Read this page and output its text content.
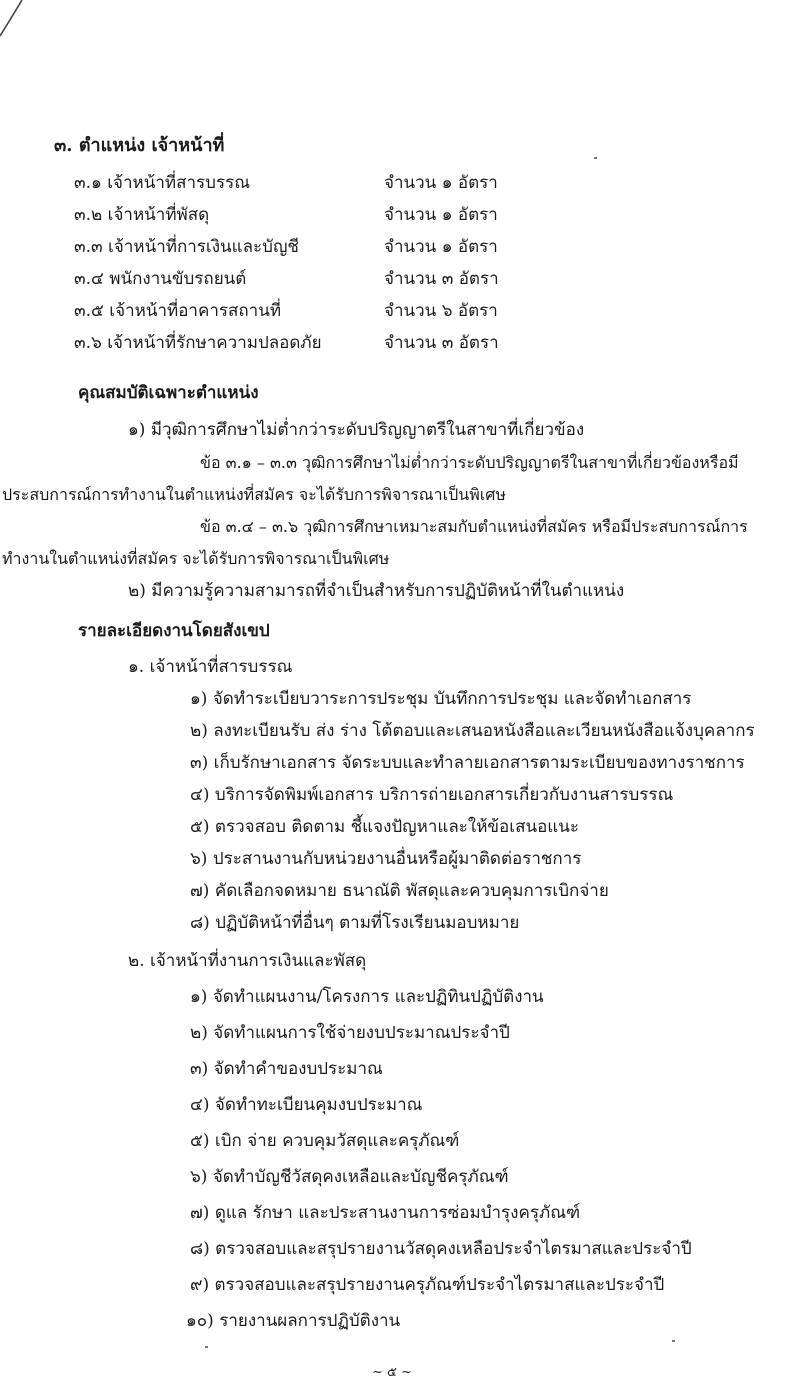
๓. ตำแหน่ง เจ้าหน้าที่
๓.๑ เจ้าหน้าที่สารบรรณ	จำนวน ๑ อัตรา
๓.๒ เจ้าหน้าที่พัสดุ	จำนวน ๑ อัตรา
๓.๓ เจ้าหน้าที่การเงินและบัญชี	จำนวน ๑ อัตรา
๓.๔ พนักงานขับรถยนต์	จำนวน ๓ อัตรา
๓.๕ เจ้าหน้าที่อาคารสถานที่	จำนวน ๖ อัตรา
๓.๖ เจ้าหน้าที่รักษาความปลอดภัย	จำนวน ๓ อัตรา
คุณสมบัติเฉพาะตำแหน่ง
๑) มีวุฒิการศึกษาไม่ต่ำกว่าระดับปริญญาตรีในสาขาที่เกี่ยวข้อง
ข้อ ๓.๑ – ๓.๓ วุฒิการศึกษาไม่ต่ำกว่าระดับปริญญาตรีในสาขาที่เกี่ยวข้องหรือมี
ประสบการณ์การทำงานในตำแหน่งที่สมัคร จะได้รับการพิจารณาเป็นพิเศษ
ข้อ ๓.๔ – ๓.๖ วุฒิการศึกษาเหมาะสมกับตำแหน่งที่สมัคร หรือมีประสบการณ์การ
ทำงานในตำแหน่งที่สมัคร จะได้รับการพิจารณาเป็นพิเศษ
๒) มีความรู้ความสามารถที่จำเป็นสำหรับการปฏิบัติหน้าที่ในตำแหน่ง
รายละเอียดงานโดยสังเขป
๑. เจ้าหน้าที่สารบรรณ
๑) จัดทำระเบียบวาระการประชุม บันทึกการประชุม และจัดทำเอกสาร
๒) ลงทะเบียนรับ ส่ง ร่าง โต้ตอบและเสนอหนังสือและเวียนหนังสือแจ้งบุคลากร
๓) เก็บรักษาเอกสาร จัดระบบและทำลายเอกสารตามระเบียบของทางราชการ
๔) บริการจัดพิมพ์เอกสาร บริการถ่ายเอกสารเกี่ยวกับงานสารบรรณ
๕) ตรวจสอบ ติดตาม ชี้แจงปัญหาและให้ข้อเสนอแนะ
๖) ประสานงานกับหน่วยงานอื่นหรือผู้มาติดต่อราชการ
๗) คัดเลือกจดหมาย ธนาณัติ พัสดุและควบคุมการเบิกจ่าย
๘) ปฏิบัติหน้าที่อื่นๆ ตามที่โรงเรียนมอบหมาย
๒. เจ้าหน้าที่งานการเงินและพัสดุ
๑) จัดทำแผนงาน/โครงการ และปฏิทินปฏิบัติงาน
๒) จัดทำแผนการใช้จ่ายงบประมาณประจำปี
๓) จัดทำคำของบประมาณ
๔) จัดทำทะเบียนคุมงบประมาณ
๕) เบิก จ่าย ควบคุมวัสดุและครุภัณฑ์
๖) จัดทำบัญชีวัสดุคงเหลือและบัญชีครุภัณฑ์
๗) ดูแล รักษา และประสานงานการซ่อมบำรุงครุภัณฑ์
๘) ตรวจสอบและสรุปรายงานวัสดุคงเหลือประจำไตรมาสและประจำปี
๙) ตรวจสอบและสรุปรายงานครุภัณฑ์ประจำไตรมาสและประจำปี
๑๐) รายงานผลการปฏิบัติงาน
~ ๕ ~
